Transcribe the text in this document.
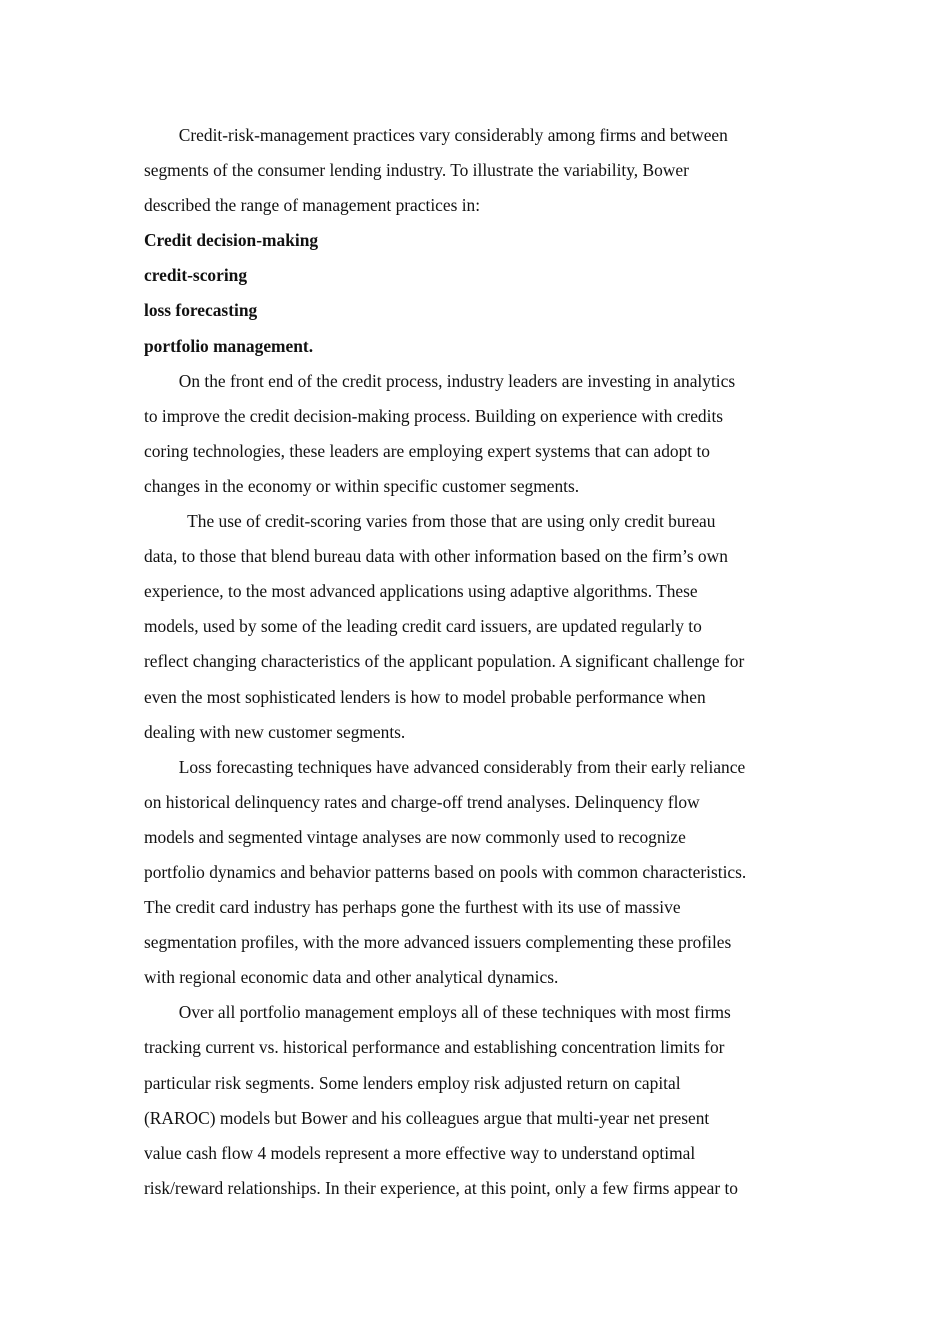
Credit-risk-management practices vary considerably among firms and between
segments of the consumer lending industry. To illustrate the variability, Bower
described the range of management practices in:
Credit decision-making
credit-scoring
loss forecasting
portfolio management.
On the front end of the credit process, industry leaders are investing in analytics
to improve the credit decision-making process. Building on experience with credits
coring technologies, these leaders are employing expert systems that can adopt to
changes in the economy or within specific customer segments.
The use of credit-scoring varies from those that are using only credit bureau
data, to those that blend bureau data with other information based on the firm’s own
experience, to the most advanced applications using adaptive algorithms. These
models, used by some of the leading credit card issuers, are updated regularly to
reflect changing characteristics of the applicant population. A significant challenge for
even the most sophisticated lenders is how to model probable performance when
dealing with new customer segments.
Loss forecasting techniques have advanced considerably from their early reliance
on historical delinquency rates and charge-off trend analyses. Delinquency flow
models and segmented vintage analyses are now commonly used to recognize
portfolio dynamics and behavior patterns based on pools with common characteristics.
The credit card industry has perhaps gone the furthest with its use of massive
segmentation profiles, with the more advanced issuers complementing these profiles
with regional economic data and other analytical dynamics.
Over all portfolio management employs all of these techniques with most firms
tracking current vs. historical performance and establishing concentration limits for
particular risk segments. Some lenders employ risk adjusted return on capital
(RAROC) models but Bower and his colleagues argue that multi-year net present
value cash flow 4 models represent a more effective way to understand optimal
risk/reward relationships. In their experience, at this point, only a few firms appear to
